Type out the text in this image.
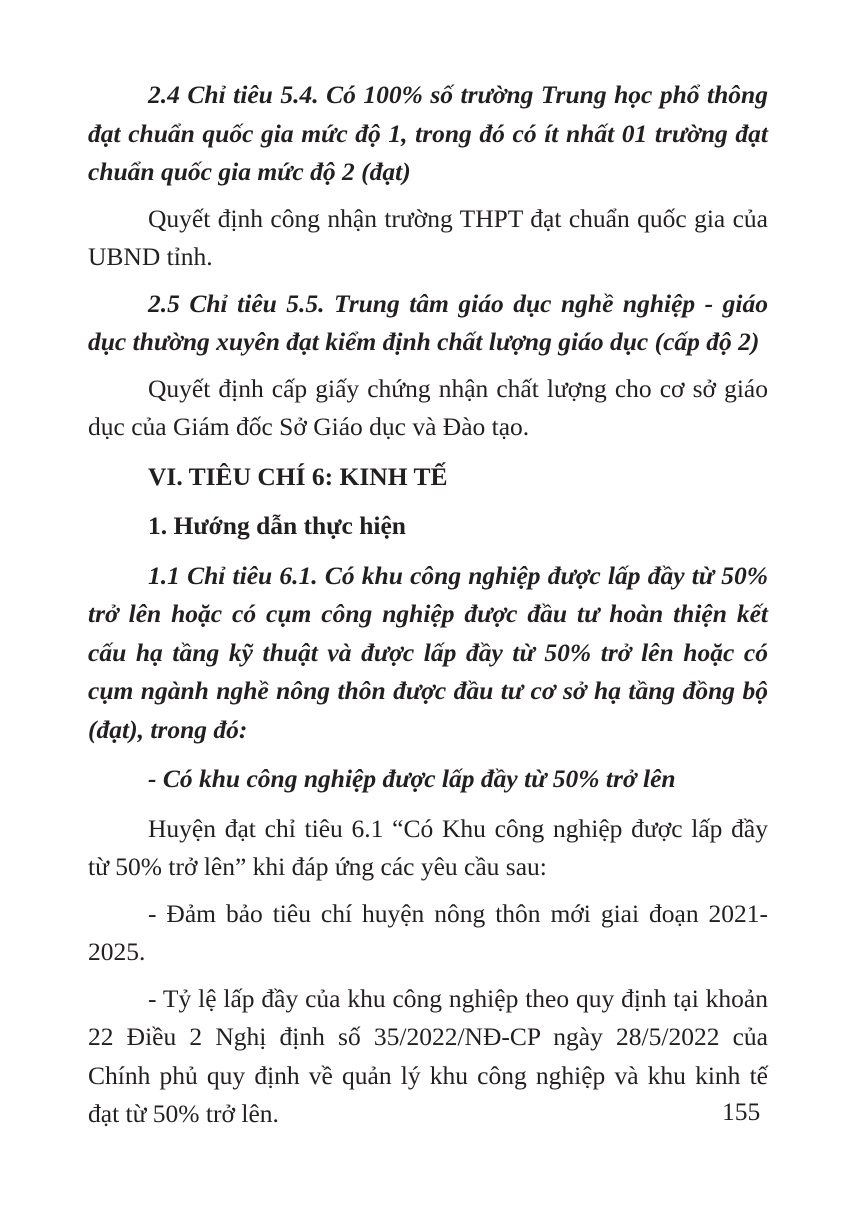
2.4 Chỉ tiêu 5.4. Có 100% số trường Trung học phổ thông đạt chuẩn quốc gia mức độ 1, trong đó có ít nhất 01 trường đạt chuẩn quốc gia mức độ 2 (đạt)

Quyết định công nhận trường THPT đạt chuẩn quốc gia của UBND tỉnh.

2.5 Chỉ tiêu 5.5. Trung tâm giáo dục nghề nghiệp - giáo dục thường xuyên đạt kiểm định chất lượng giáo dục (cấp độ 2)

Quyết định cấp giấy chứng nhận chất lượng cho cơ sở giáo dục của Giám đốc Sở Giáo dục và Đào tạo.

VI. TIÊU CHÍ 6: KINH TẾ

1. Hướng dẫn thực hiện

1.1 Chỉ tiêu 6.1. Có khu công nghiệp được lấp đầy từ 50% trở lên hoặc có cụm công nghiệp được đầu tư hoàn thiện kết cấu hạ tầng kỹ thuật và được lấp đầy từ 50% trở lên hoặc có cụm ngành nghề nông thôn được đầu tư cơ sở hạ tầng đồng bộ (đạt), trong đó:

- Có khu công nghiệp được lấp đầy từ 50% trở lên

Huyện đạt chỉ tiêu 6.1 “Có Khu công nghiệp được lấp đầy từ 50% trở lên” khi đáp ứng các yêu cầu sau:

- Đảm bảo tiêu chí huyện nông thôn mới giai đoạn 2021-2025.

- Tỷ lệ lấp đầy của khu công nghiệp theo quy định tại khoản 22 Điều 2 Nghị định số 35/2022/NĐ-CP ngày 28/5/2022 của Chính phủ quy định về quản lý khu công nghiệp và khu kinh tế đạt từ 50% trở lên.	155
